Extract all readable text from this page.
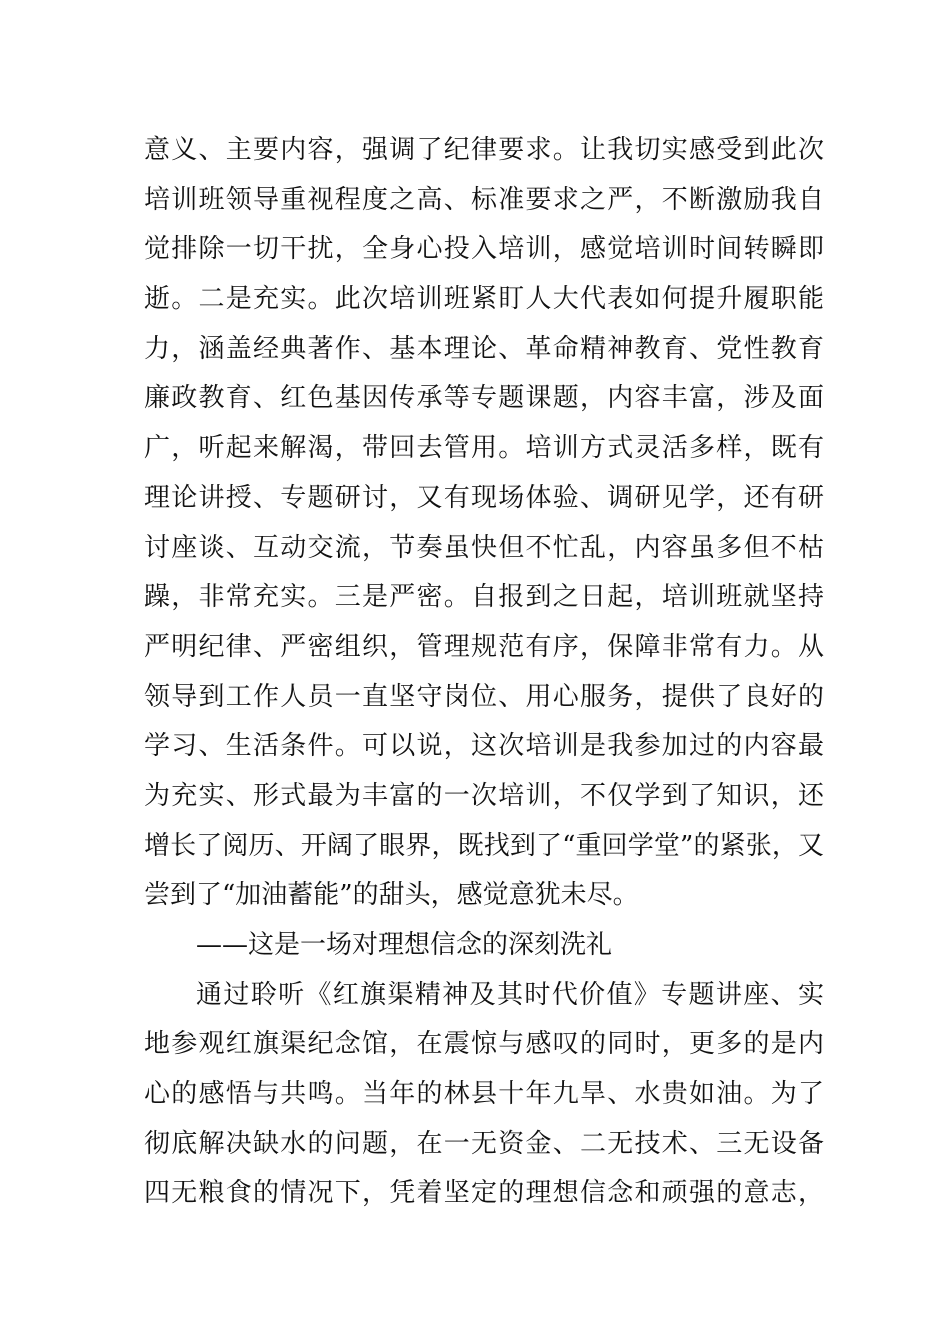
意义、主要内容，强调了纪律要求。让我切实感受到此次
培训班领导重视程度之高、标准要求之严，不断激励我自
觉排除一切干扰，全身心投入培训，感觉培训时间转瞬即
逝。二是充实。此次培训班紧盯人大代表如何提升履职能
力，涵盖经典著作、基本理论、革命精神教育、党性教育
廉政教育、红色基因传承等专题课题，内容丰富，涉及面
广，听起来解渴，带回去管用。培训方式灵活多样，既有
理论讲授、专题研讨，又有现场体验、调研见学，还有研
讨座谈、互动交流，节奏虽快但不忙乱，内容虽多但不枯
躁，非常充实。三是严密。自报到之日起，培训班就坚持
严明纪律、严密组织，管理规范有序，保障非常有力。从
领导到工作人员一直坚守岗位、用心服务，提供了良好的
学习、生活条件。可以说，这次培训是我参加过的内容最
为充实、形式最为丰富的一次培训，不仅学到了知识，还
增长了阅历、开阔了眼界，既找到了“重回学堂”的紧张，又
尝到了“加油蓄能”的甜头，感觉意犹未尽。
——这是一场对理想信念的深刻洗礼
通过聆听《红旗渠精神及其时代价值》专题讲座、实
地参观红旗渠纪念馆，在震惊与感叹的同时，更多的是内
心的感悟与共鸣。当年的林县十年九旱、水贵如油。为了
彻底解决缺水的问题，在一无资金、二无技术、三无设备
四无粮食的情况下，凭着坚定的理想信念和顽强的意志，
